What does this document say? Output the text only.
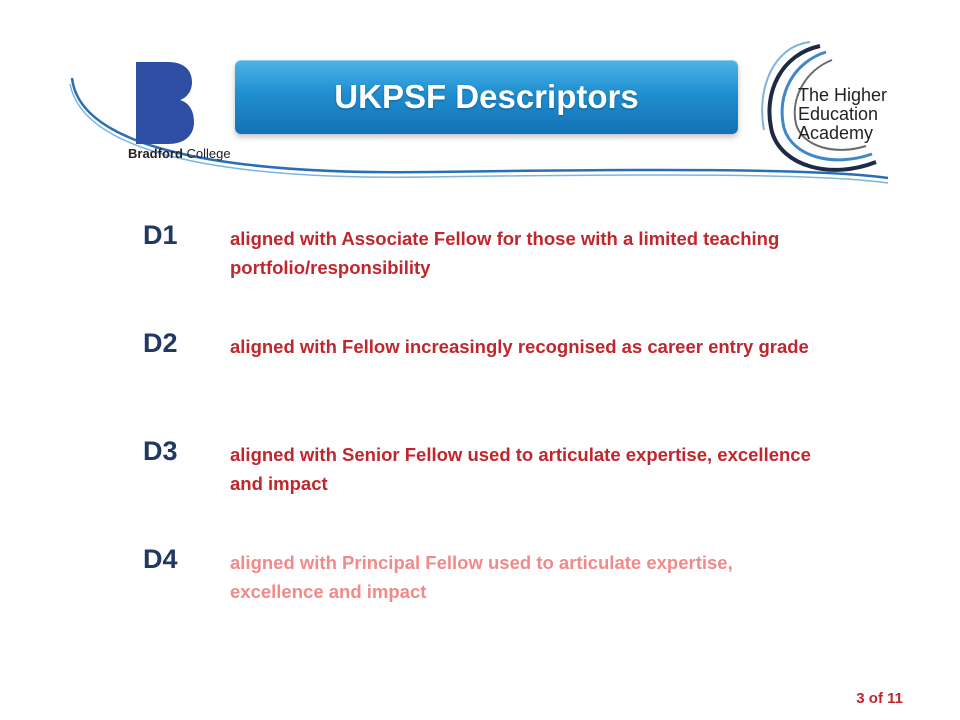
Bradford College
UKPSF Descriptors	The Higher
Education
Academy
D1	aligned with Associate Fellow for those with a limited teaching portfolio/responsibility
D2	aligned with Fellow increasingly recognised as career entry grade
D3	aligned with Senior Fellow used to articulate expertise, excellence and impact
D4	aligned with Principal Fellow used to articulate expertise, excellence and impact
3 of 11
